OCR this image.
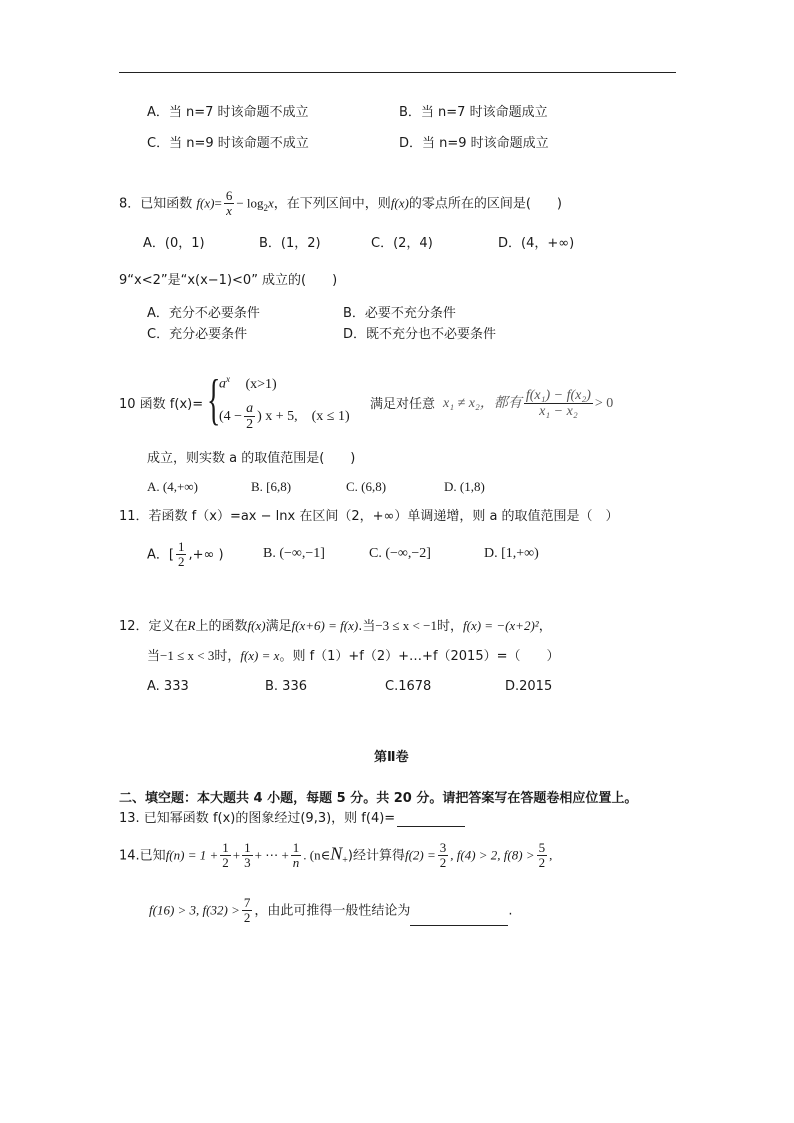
A．当 n=7 时该命题不成立	B．当 n=7 时该命题成立
C．当 n=9 时该命题不成立	D．当 n=9 时该命题成立
8．已知函数 $f(x)= \frac{6}{x} - \log_2x$，在下列区间中，则f(x)的零点所在的区间是(　　)
A．(0，1)	B．(1，2)	C．(2，4)	D．(4，+∞)
9“x<2”是“x(x−1)<0” 成立的(　　)
A．充分不必要条件	B．必要不充分条件
C．充分必要条件	D．既不充分也不必要条件
10 函数 f(x)= {
$a^x$ (x>1)
($4 - \frac{a}{2}$ ) x + 5,　(x ≤ 1)
满足对任意 x₁ ≠ x₂，都有 $\frac{\text{f(x₁) − f(x₂)}}{\text{x₁ − x₂}} > 0$
成立，则实数 a 的取值范围是(　　)
A. (4,+∞)	B. [6,8)	C. (6,8)	D. (1,8)
11．若函数 f（x）=ax − lnx 在区间（2，+∞）单调递增，则 a 的取值范围是（　）
A．[ $\frac{1}{2}$ ,+∞ )	B. (−∞,−1]	C. (−∞,−2]	D. [1,+∞)
12．定义在R上的函数f(x)满足f(x+6) = f(x).当−3 ≤ x < −1时，f(x) = −(x+2)²，
当−1 ≤ x < 3时，f(x) = x。则 f（1）+f（2）+…+f（2015）=（　　）
A. 333	B. 336	C.1678	D.2015
第Ⅱ卷
二、填空题：本大题共 4 小题，每题 5 分。共 20 分。请把答案写在答题卷相应位置上。
13. 已知幂函数 f(x)的图象经过(9,3)，则 f(4)=
14.已知$f(n) = 1 + \frac{1}{2} + \frac{1}{3}$ + ⋯ + $\frac{1}{n}$ . $(n\in N_+)$经计算得$f(2) = \frac{3}{2}$ , f(4) > 2, $f(8) > \frac{5}{2}$ ,
f(16) > 3, $f(32) > \frac{7}{2}$ ，由此可推得一般性结论为	.
